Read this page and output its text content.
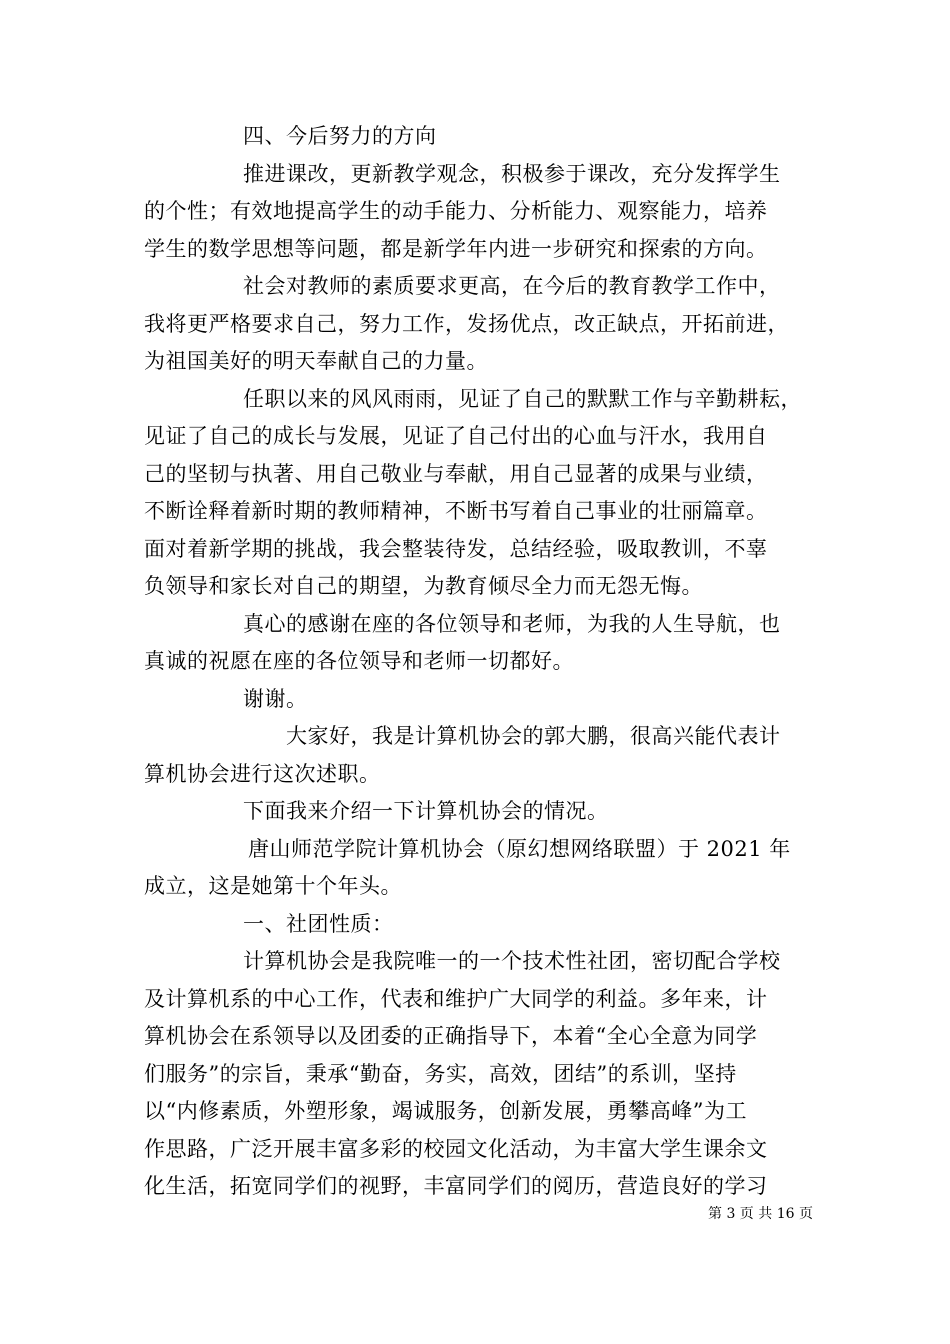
四、今后努力的方向
推进课改，更新教学观念，积极参于课改，充分发挥学生
的个性；有效地提高学生的动手能力、分析能力、观察能力，培养
学生的数学思想等问题，都是新学年内进一步研究和探索的方向。
社会对教师的素质要求更高，在今后的教育教学工作中，
我将更严格要求自己，努力工作，发扬优点，改正缺点，开拓前进，
为祖国美好的明天奉献自己的力量。
任职以来的风风雨雨，见证了自己的默默工作与辛勤耕耘，
见证了自己的成长与发展，见证了自己付出的心血与汗水，我用自
己的坚韧与执著、用自己敬业与奉献，用自己显著的成果与业绩，
不断诠释着新时期的教师精神，不断书写着自己事业的壮丽篇章。
面对着新学期的挑战，我会整装待发，总结经验，吸取教训，不辜
负领导和家长对自己的期望，为教育倾尽全力而无怨无悔。
真心的感谢在座的各位领导和老师，为我的人生导航，也
真诚的祝愿在座的各位领导和老师一切都好。
谢谢。
大家好，我是计算机协会的郭大鹏，很高兴能代表计
算机协会进行这次述职。
下面我来介绍一下计算机协会的情况。
唐山师范学院计算机协会（原幻想网络联盟）于 2021 年
成立，这是她第十个年头。
一、社团性质：
计算机协会是我院唯一的一个技术性社团，密切配合学校
及计算机系的中心工作，代表和维护广大同学的利益。多年来，计
算机协会在系领导以及团委的正确指导下，本着“全心全意为同学
们服务”的宗旨，秉承“勤奋，务实，高效，团结”的系训，坚持
以“内修素质，外塑形象，竭诚服务，创新发展，勇攀高峰”为工
作思路，广泛开展丰富多彩的校园文化活动，为丰富大学生课余文
化生活，拓宽同学们的视野，丰富同学们的阅历，营造良好的学习
第 3 页 共 16 页
